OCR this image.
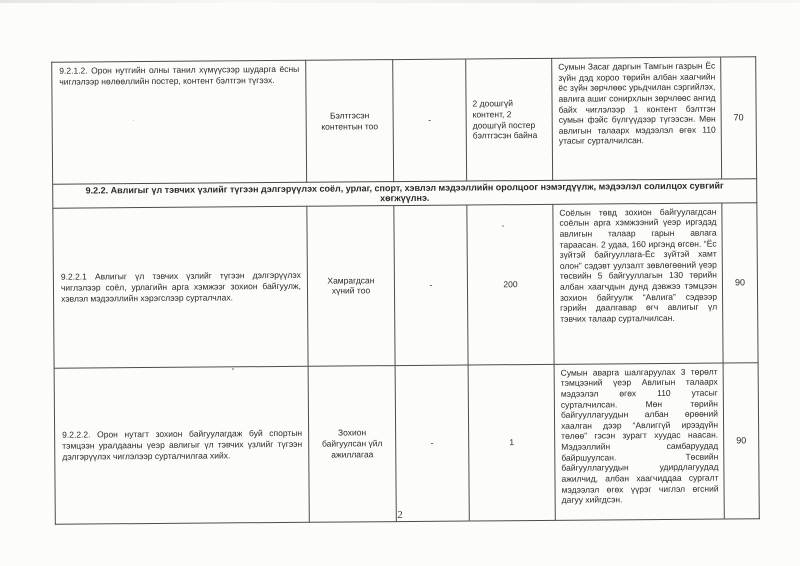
9.2.1.2. Орон нутгийн олны танил хүмүүсээр шударга ёсны чиглэлээр нөлөөллийн постер, контент бэлтгэн түгээх.	Бэлтгэсэн контентын тоо	-	2 доошгүй контент, 2 доошгүй постер бэлтгэсэн байна	Сумын Засаг даргын Тамгын газрын Ёс зүйн дэд хороо төрийн албан хаагчийн ёс зүйн зөрчлөөс урьдчилан сэргийлэх, авлига ашиг сонирхлын зөрчлөөс ангид байх чиглэлээр 1 контент бэлтгэн сумын фэйс бүлгүүдээр түгээсэн. Мөн авлигын талаарх мэдээлэл өгөх 110 утасыг сурталчилсан.	70
9.2.2. Авлигыг үл тэвчих үзлийг түгээн дэлгэрүүлэх соёл, урлаг, спорт, хэвлэл мэдээллийн оролцоог нэмэгдүүлж, мэдээлэл солилцох сувгийг хөгжүүлнэ.					
9.2.2.1 Авлигыг үл тэвчих үзлийг түгээн дэлгэрүүлэх чиглэлээр соёл, урлагийн арга хэмжээг зохион байгуулж, хэвлэл мэдээллийн хэрэгслээр сурталчлах.	Хамрагдсан хүний тоо	-	200	Соёлын төвд зохион байгуулагдсан соёлын арга хэмжээний үеэр иргэдэд авлигын талаар гарын авлага тараасан. 2 удаа, 160 иргэнд өгсөн. “Ёс зүйтэй байгууллага-Ёс зүйтэй хамт олон” сэдэвт уулзалт зөвлөгөөний үеэр төсвийн 5 байгууллагын 130 төрийн албан хаагчдын дунд дэвжээ тэмцээн зохион байгуулж “Авлига” сэдвээр гэрийн даалгавар өгч авлигыг үл тэвчих талаар сурталчилсан.	90
9.2.2.2. Орон нутагт зохион байгуулагдаж буй спортын тэмцээн уралдааны үеэр авлигыг үл тэвчих үзлийг түгээн дэлгэрүүлэх чиглэлээр сурталчилгаа хийх.	Зохион байгуулсан үйл ажиллагаа	-	1	Сумын аварга шалгаруулах 3 төрөлт тэмцээний үеэр Авлигын талаарх мэдээлэл өгөх 110 утасыг сурталчилсан. Мөн төрийн байгууллагуудын албан өрөөний хаалган дээр “Авлиггүй ирээдүйн төлөө” гэсэн зурагт хуудас наасан. Мэдээллийн самбаруудад байршуулсан. Төсвийн байгууллагуудын удирдлагуудад ажилчид, албан хаагчиддаа сургалт мэдээлэл өгөх үүрэг чиглэл өгсний дагуу хийгдсэн.	90
2
